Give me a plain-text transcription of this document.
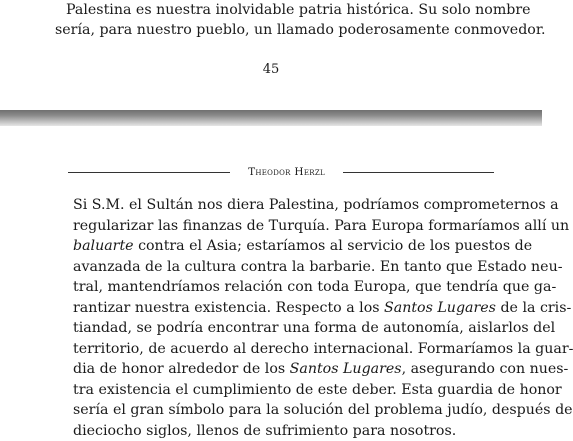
Palestina es nuestra inolvidable patria histórica. Su solo nombre
sería, para nuestro pueblo, un llamado poderosamente conmovedor.
45
Theodor Herzl
Si S.M. el Sultán nos diera Palestina, podríamos comprometernos a
regularizar las finanzas de Turquía. Para Europa formaríamos allí un
baluarte contra el Asia; estaríamos al servicio de los puestos de
avanzada de la cultura contra la barbarie. En tanto que Estado neu-
tral, mantendríamos relación con toda Europa, que tendría que ga-
rantizar nuestra existencia. Respecto a los Santos Lugares de la cris-
tiandad, se podría encontrar una forma de autonomía, aislarlos del
territorio, de acuerdo al derecho internacional. Formaríamos la guar-
dia de honor alrededor de los Santos Lugares, asegurando con nues-
tra existencia el cumplimiento de este deber. Esta guardia de honor
sería el gran símbolo para la solución del problema judío, después de
dieciocho siglos, llenos de sufrimiento para nosotros.
